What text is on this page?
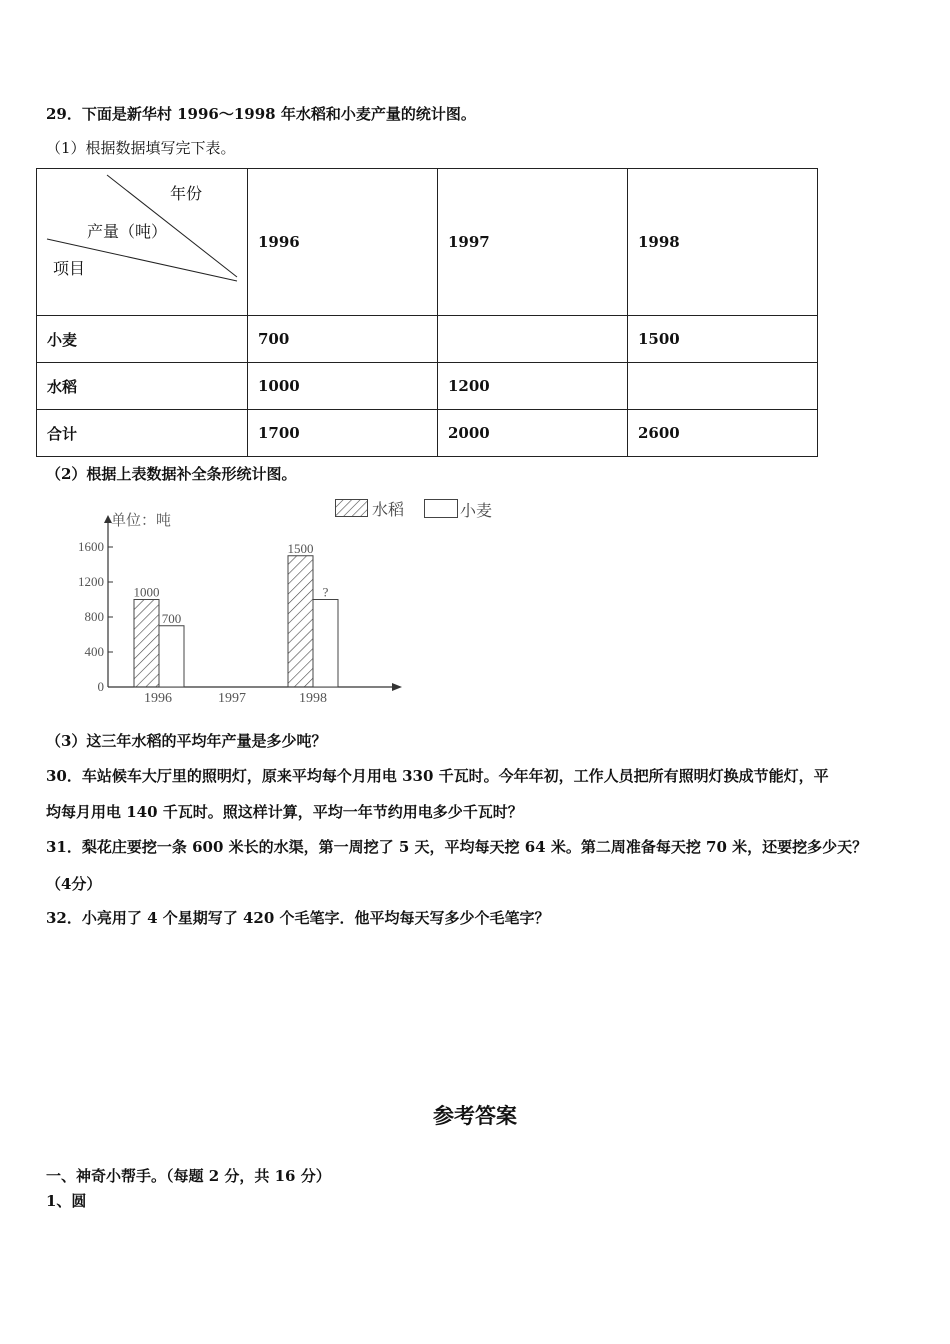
29．下面是新华村 1996～1998 年水稻和小麦产量的统计图。
（1）根据数据填写完下表。
年份
产量（吨）
项目	1996	1997	1998
小麦	700		1500
水稻	1000	1200	
合计	1700	2000	2600
（2）根据上表数据补全条形统计图。
水稻	小麦
单位：吨
0
400
800
1200
1600
1996
1000
700
1997	1998
1500
?
（3）这三年水稻的平均年产量是多少吨？
30．车站候车大厅里的照明灯，原来平均每个月用电 330 千瓦时。今年年初，工作人员把所有照明灯换成节能灯，平
均每月用电 140 千瓦时。照这样计算，平均一年节约用电多少千瓦时？
31．梨花庄要挖一条 600 米长的水渠，第一周挖了 5 天，平均每天挖 64 米。第二周准备每天挖 70 米，还要挖多少天？
（4分）
32．小亮用了 4 个星期写了 420 个毛笔字．他平均每天写多少个毛笔字？
参考答案
一、神奇小帮手。（每题 2 分，共 16 分）
1、圆
